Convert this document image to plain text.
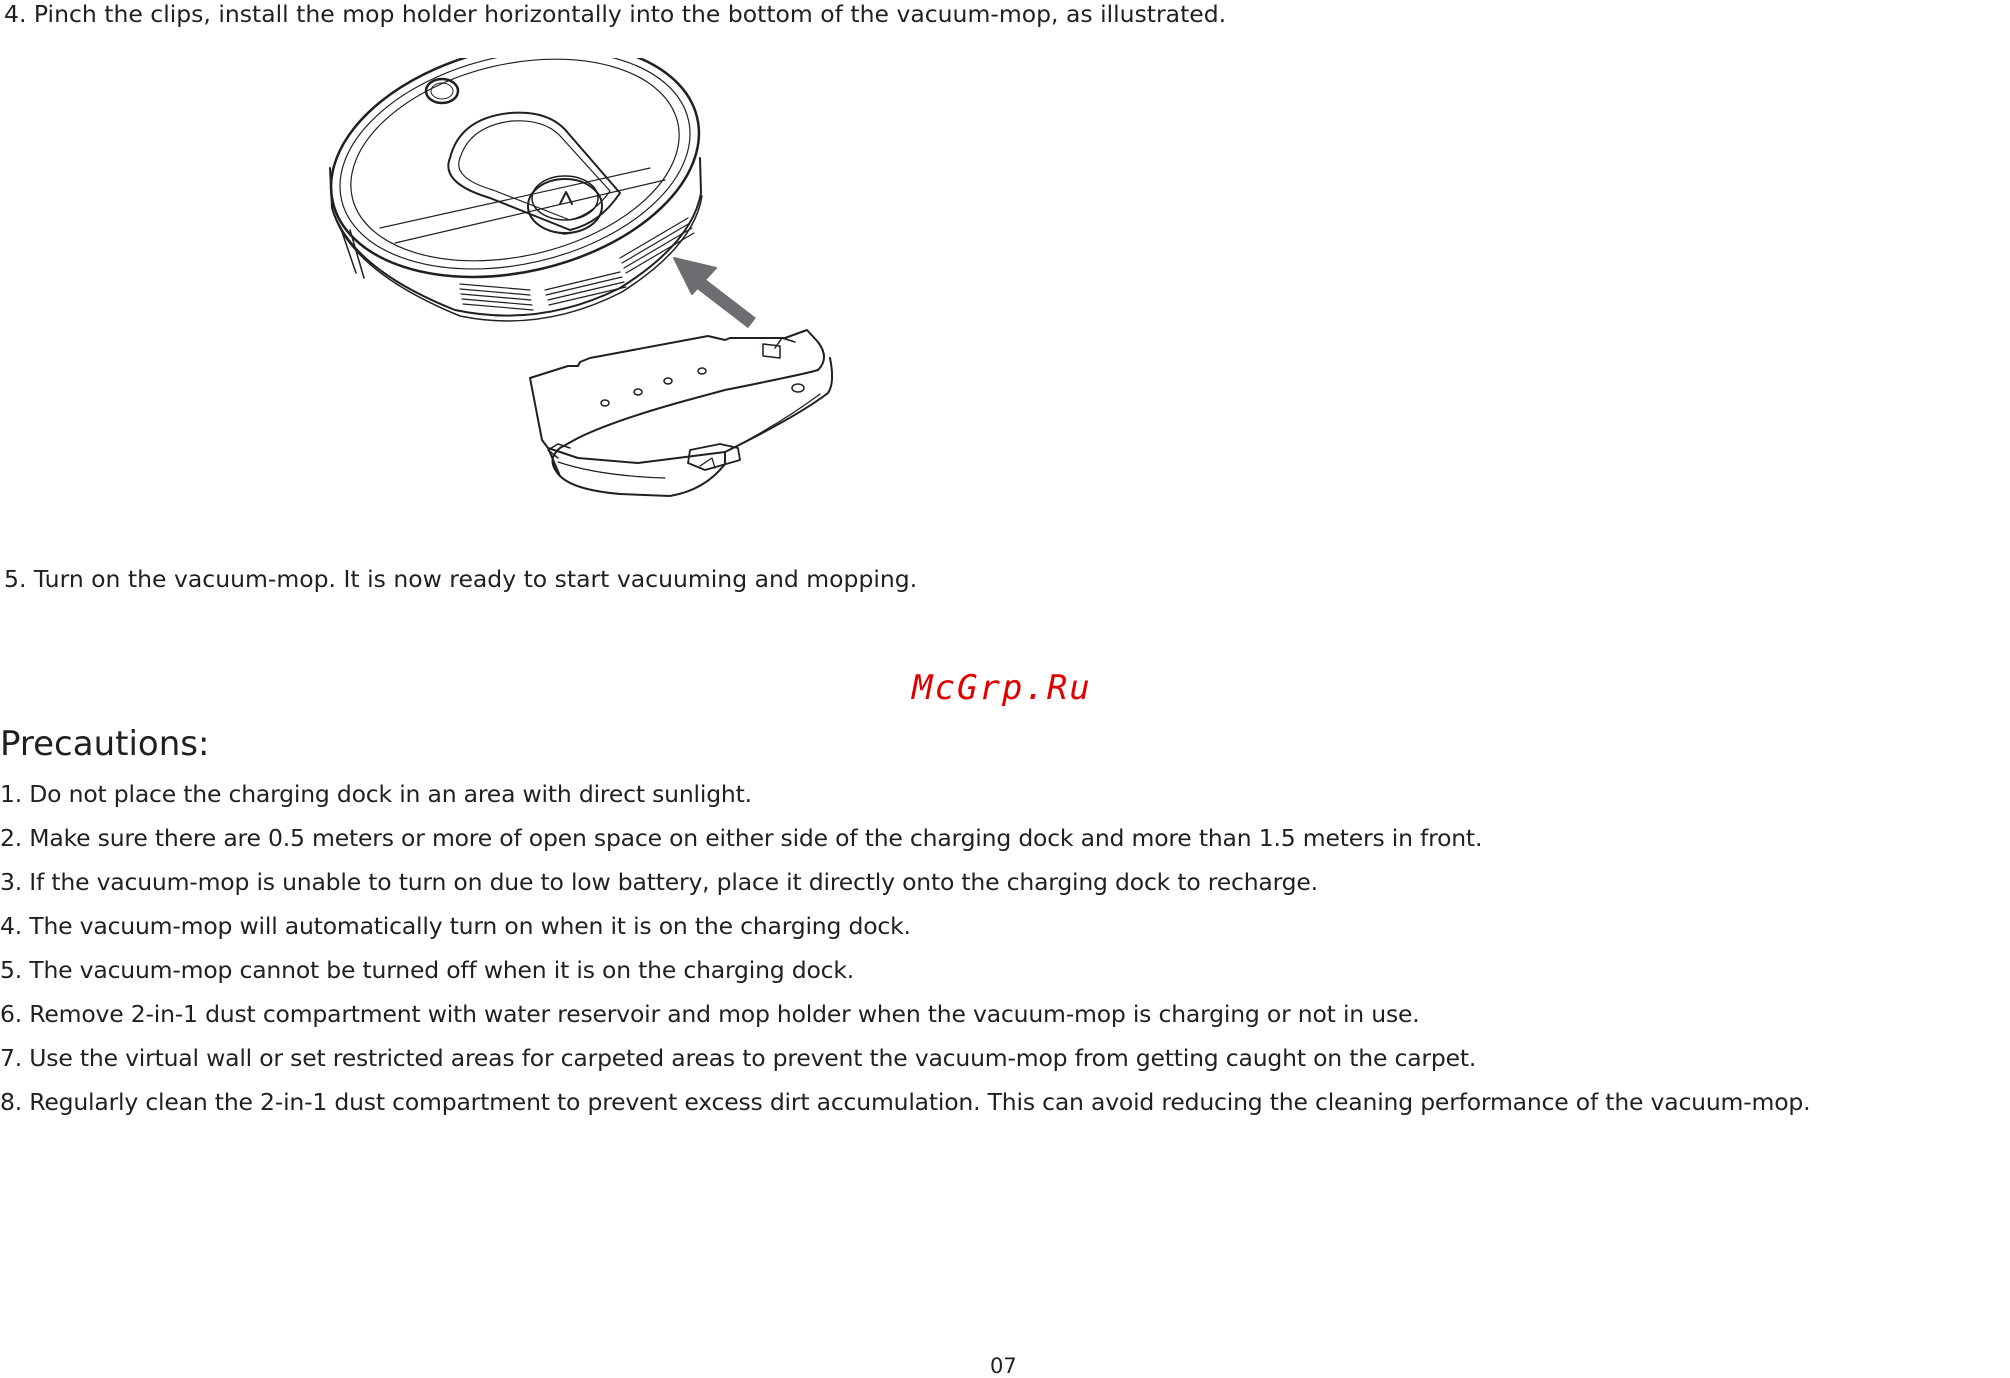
4. Pinch the clips, install the mop holder horizontally into the bottom of the vacuum-mop, as illustrated.

5. Turn on the vacuum-mop. It is now ready to start vacuuming and mopping.

McGrp.Ru

Precautions:
1. Do not place the charging dock in an area with direct sunlight.
2. Make sure there are 0.5 meters or more of open space on either side of the charging dock and more than 1.5 meters in front.
3. If the vacuum-mop is unable to turn on due to low battery, place it directly onto the charging dock to recharge.
4. The vacuum-mop will automatically turn on when it is on the charging dock.
5. The vacuum-mop cannot be turned off when it is on the charging dock.
6. Remove 2-in-1 dust compartment with water reservoir and mop holder when the vacuum-mop is charging or not in use.
7. Use the virtual wall or set restricted areas for carpeted areas to prevent the vacuum-mop from getting caught on the carpet.
8. Regularly clean the 2-in-1 dust compartment to prevent excess dirt accumulation. This can avoid reducing the cleaning performance of the vacuum-mop.

07
